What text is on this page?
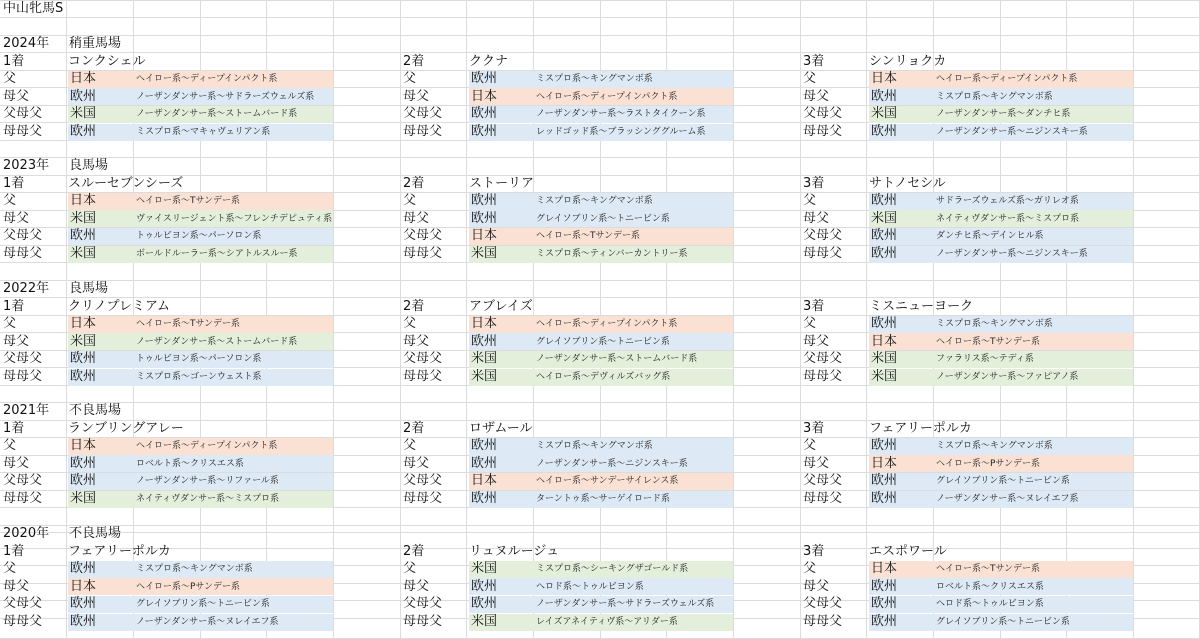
中山牝馬S
2024年 稍重馬場
1着	コンクシェル
父	日本	ヘイロー系～ディープインパクト系
母父	欧州	ノーザンダンサー系～サドラーズウェルズ系
父母父 米国	ノーザンダンサー系～ストームバード系
母母父 欧州	ミスプロ系～マキャヴェリアン系
2着	ククナ
父	欧州	ミスプロ系～キングマンボ系
母父	日本	ヘイロー系～ディープインパクト系
父母父 欧州	ノーザンダンサー系～ラストタイクーン系
母母父 欧州	レッドゴッド系～ブラッシンググルーム系
3着	シンリョクカ
父	日本	ヘイロー系～ディープインパクト系
母父	欧州	ミスプロ系～キングマンボ系
父母父 米国	ノーザンダンサー系～ダンチヒ系
母母父 欧州	ノーザンダンサー系～ニジンスキー系
2023年 良馬場
1着	スルーセブンシーズ
父	日本	ヘイロー系～Tサンデー系
母父	米国	ヴァイスリージェント系～フレンチデピュティ系
父母父 欧州	トゥルビヨン系～パーソロン系
母母父 米国	ボールドルーラー系～シアトルスルー系
2着	ストーリア
父	欧州	ミスプロ系～キングマンボ系
母父	欧州	グレイソブリン系～トニービン系
父母父 日本	ヘイロー系～Tサンデー系
母母父 米国	ミスプロ系～ティンバーカントリー系
3着	サトノセシル
父	欧州	サドラーズウェルズ系～ガリレオ系
母父	米国	ネイティヴダンサー系～ミスプロ系
父母父 欧州	ダンチヒ系～デインヒル系
母母父 欧州	ノーザンダンサー系～ニジンスキー系
2022年 良馬場
1着	クリノプレミアム
父	日本	ヘイロー系～Tサンデー系
母父	米国	ノーザンダンサー系～ストームバード系
父母父 欧州	トゥルビヨン系～パーソロン系
母母父 欧州	ミスプロ系～ゴーンウェスト系
2着	アブレイズ
父	日本	ヘイロー系～ディープインパクト系
母父	欧州	グレイソブリン系～トニービン系
父母父 米国	ノーザンダンサー系～ストームバード系
母母父 米国	ヘイロー系～デヴィルズバッグ系
3着	ミスニューヨーク
父	欧州	ミスプロ系～キングマンボ系
母父	日本	ヘイロー系～Tサンデー系
父母父 米国	ファラリス系～テディ系
母母父 米国	ノーザンダンサー系～ファピアノ系
2021年 不良馬場
1着	ランブリングアレー
父	日本	ヘイロー系～ディープインパクト系
母父	欧州	ロベルト系～クリスエス系
父母父 欧州	ノーザンダンサー系～リファール系
母母父 米国	ネイティヴダンサー系～ミスプロ系
2着	ロザムール
父	欧州	ミスプロ系～キングマンボ系
母父	欧州	ノーザンダンサー系～ニジンスキー系
父母父 日本	ヘイロー系～サンデーサイレンス系
母母父 欧州	ターントゥ系～サーゲイロード系
3着	フェアリーポルカ
父	欧州	ミスプロ系～キングマンボ系
母父	日本	ヘイロー系～Pサンデー系
父母父 欧州	グレイソブリン系～トニービン系
母母父 欧州	ノーザンダンサー系～ヌレイエフ系
2020年 不良馬場
1着	フェアリーポルカ
父	欧州	ミスプロ系～キングマンボ系
母父	日本	ヘイロー系～Pサンデー系
父母父 欧州	グレイソブリン系～トニービン系
母母父 欧州	ノーザンダンサー系～ヌレイエフ系
2着	リュヌルージュ
父	米国	ミスプロ系～シーキングザゴールド系
母父	欧州	ヘロド系～トゥルビヨン系
父母父 欧州	ノーザンダンサー系～サドラーズウェルズ系
母母父 米国	レイズアネイティヴ系～アリダー系
3着	エスポワール
父	日本	ヘイロー系～Tサンデー系
母父	欧州	ロベルト系～クリスエス系
父母父 欧州	ヘロド系～トゥルビヨン系
母母父 欧州	グレイソブリン系～トニービン系
